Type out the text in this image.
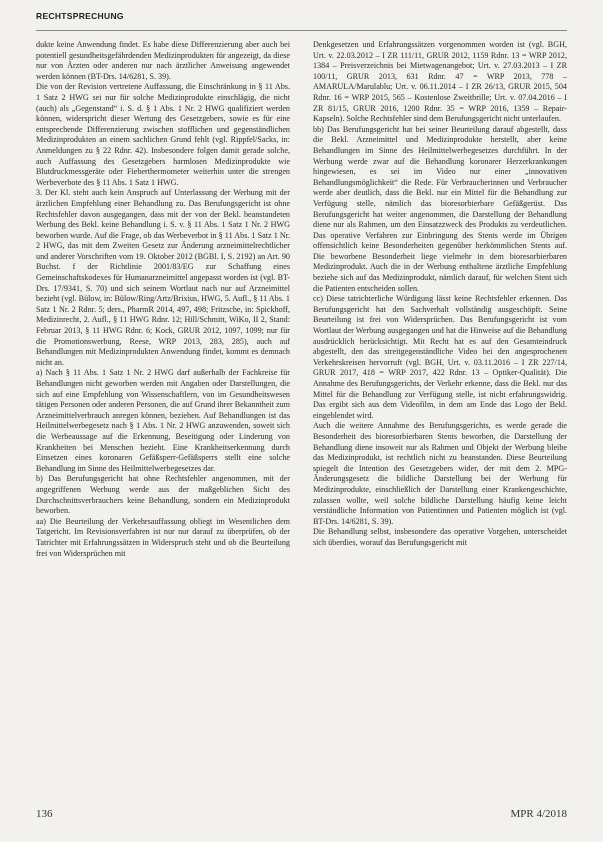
RECHTSPRECHUNG

dukte keine Anwendung findet. Es habe diese Differenzierung aber auch bei potentiell gesundheitsgefährdenden Medizinprodukten für angezeigt, da diese nur von Ärzten oder anderen nur nach ärztlicher Anweisung angewendet werden können (BT-Drs. 14/6281, S. 39).

Die von der Revision vertretene Auffassung, die Einschränkung in § 11 Abs. 1 Satz 2 HWG sei nur für solche Medizinprodukte einschlägig, die nicht (auch) als „Gegenstand“ i. S. d. § 1 Abs. 1 Nr. 2 HWG qualifiziert werden können, widerspricht dieser Wertung des Gesetzgebers, sowie es für eine entsprechende Differenzierung zwischen stofflichen und gegenständlichen Medizinprodukten an einem sachlichen Grund fehlt (vgl. Rippfel/Sacks, in: Anmeldungen zu § 22 Rdnr. 42). Insbesondere folgen damit gerade solche, auch Auffassung des Gesetzgebers harmlosen Medizinprodukte wie Blutdruckmessgeräte oder Fieberthermometer weiterhin unter die strengen Werbeverbote des § 11 Abs. 1 Satz 1 HWG.

3. Der Kl. steht auch kein Anspruch auf Unterlassung der Werbung mit der ärztlichen Empfehlung einer Behandlung zu. Das Berufungsgericht ist ohne Rechtsfehler davon ausgegangen, dass mit der von der Bekl. beanstandeten Werbung des Bekl. keine Behandlung i. S. v. § 11 Abs. 1 Satz 1 Nr. 2 HWG beworben wurde. Auf die Frage, ob das Werbeverbot in § 11 Abs. 1 Satz 1 Nr. 2 HWG, das mit dem Zweiten Gesetz zur Änderung arzneimittelrechtlicher und anderer Vorschriften vom 19. Oktober 2012 (BGBl. I, S. 2192) an Art. 90 Buchst. f der Richtlinie 2001/83/EG zur Schaffung eines Gemeinschaftskodexes für Humanarzneimittel angepasst worden ist (vgl. BT-Drs. 17/9341, S. 70) und sich seinem Wortlaut nach nur auf Arzneimittel bezieht (vgl. Bülow, in: Bülow/Ring/Artz/Brixius, HWG, 5. Aufl., § 11 Abs. 1 Satz 1 Nr. 2 Rdnr. 5; ders., PharmR 2014, 497, 498; Fritzsche, in: Spickhoff, Medizinrecht, 2. Aufl., § 11 HWG Rdnr. 12; Hill/Schmitt, WiKo, II 2, Stand: Februar 2013, § 11 HWG Rdnr. 6; Kock, GRUR 2012, 1097, 1099; nur für die Promotionswerbung, Reese, WRP 2013, 283, 285), auch auf Behandlungen mit Medizinprodukten Anwendung findet, kommt es demnach nicht an.

a) Nach § 11 Abs. 1 Satz 1 Nr. 2 HWG darf außerhalb der Fachkreise für Behandlungen nicht geworben werden mit Angaben oder Darstellungen, die sich auf eine Empfehlung von Wissenschaftlern, von im Gesundheitswesen tätigen Personen oder anderen Personen, die auf Grund ihrer Bekanntheit zum Arzneimittelverbrauch anregen können, beziehen. Auf Behandlungen ist das Heilmittelwerbegesetz nach § 1 Abs. 1 Nr. 2 HWG anzuwenden, soweit sich die Werbeaussage auf die Erkennung, Beseitigung oder Linderung von Krankheiten bei Menschen bezieht. Eine Krankheitserkennung durch Einsetzen eines koronaren Gefäßsperr-Gefäßsperrs stellt eine solche Behandlung im Sinne des Heilmittelwerbegesetzes dar.

b) Das Berufungsgericht hat ohne Rechtsfehler angenommen, mit der angegriffenen Werbung werde aus der maßgeblichen Sicht des Durchschnittsverbrauchers keine Behandlung, sondern ein Medizinprodukt beworben.

aa) Die Beurteilung der Verkehrsauffassung obliegt im Wesentlichen dem Tatgericht. Im Revisionsverfahren ist nur nur darauf zu überprüfen, ob der Tatrichter mit Erfahrungssätzen in Widerspruch steht und ob die Beurteilung frei von Widersprüchen mit

Denkgesetzen und Erfahrungssätzen vorgenommen worden ist (vgl. BGH, Urt. v. 22.03.2012 – I ZR 111/11, GRUR 2012, 1159 Rdnr. 13 = WRP 2012, 1384 – Preisverzeichnis bei Mietwagenangebot; Urt. v. 27.03.2013 – I ZR 100/11, GRUR 2013, 631 Rdnr. 47 = WRP 2013, 778 – AMARULA/Marulablu; Urt. v. 06.11.2014 – I ZR 26/13, GRUR 2015, 504 Rdnr. 16 = WRP 2015, 565 – Kostenlose Zweitbrille; Urt. v. 07.04.2016 – I ZR 81/15, GRUR 2016, 1200 Rdnr. 35 = WRP 2016, 1359 – Repair-Kapseln). Solche Rechtsfehler sind dem Berufungsgericht nicht unterlaufen.

bb) Das Berufungsgericht hat bei seiner Beurteilung darauf abgestellt, dass die Bekl. Arzneimittel und Medizinprodukte herstellt, aber keine Behandlungen im Sinne des Heilmittelwerbegesetzes durchführt. In der Werbung werde zwar auf die Behandlung koronarer Herzerkrankungen hingewiesen, es sei im Video nur einer „innovativen Behandlungsmöglichkeit“ die Rede. Für Verbraucherinnen und Verbraucher werde aber deutlich, dass die Bekl. nur ein Mittel für die Behandlung zur Verfügung stelle, nämlich das bioresorbierbare Gefäßgerüst. Das Berufungsgericht hat weiter angenommen, die Darstellung der Behandlung diene nur als Rahmen, um den Einsatzzweck des Produkts zu verdeutlichen. Das operative Verfahren zur Einbringung des Stents werde im Übrigen offensichtlich keine Besonderheiten gegenüber herkömmlichen Stents auf. Die beworbene Besonderheit liege vielmehr in dem bioresorbierbaren Medizinprodukt. Auch die in der Werbung enthaltene ärztliche Empfehlung beziehe sich auf das Medizinprodukt, nämlich darauf, für welchen Stent sich die Patienten entscheiden sollen.

cc) Diese tatrichterliche Würdigung lässt keine Rechtsfehler erkennen. Das Berufungsgericht hat den Sachverhalt vollständig ausgeschöpft. Seine Beurteilung ist frei von Widersprüchen. Das Berufungsgericht ist vom Wortlaut der Werbung ausgegangen und hat die Hinweise auf die Behandlung ausdrücklich berücksichtigt. Mit Recht hat es auf den Gesamteindruck abgestellt, den das streitgegenständliche Video bei den angesprochenen Verkehrskreisen hervorruft (vgl. BGH, Urt. v. 03.11.2016 – I ZR 227/14, GRUR 2017, 418 = WRP 2017, 422 Rdnr. 13 – Optiker-Qualität). Die Annahme des Berufungsgerichts, der Verkehr erkenne, dass die Bekl. nur das Mittel für die Behandlung zur Verfügung stelle, ist nicht erfahrungswidrig. Das ergibt sich aus dem Videofilm, in dem am Ende das Logo der Bekl. eingeblendet wird.

Auch die weitere Annahme des Berufungsgerichts, es werde gerade die Besonderheit des bioresorbierbaren Stents beworben, die Darstellung der Behandlung diene insoweit nur als Rahmen und Objekt der Werbung bleibe das Medizinprodukt, ist rechtlich nicht zu beanstanden. Diese Beurteilung spiegelt die Intention des Gesetzgebers wider, der mit dem 2. MPG-Änderungsgesetz die bildliche Darstellung bei der Werbung für Medizinprodukte, einschließlich der Darstellung einer Krankengeschichte, zulassen wollte, weil solche bildliche Darstellung häufig keine leicht verständliche Information von Patientinnen und Patienten möglich ist (vgl. BT-Drs. 14/6281, S. 39).

Die Behandlung selbst, insbesondere das operative Vorgehen, unterscheidet sich überdies, worauf das Berufungsgericht mit

136	MPR 4/2018
